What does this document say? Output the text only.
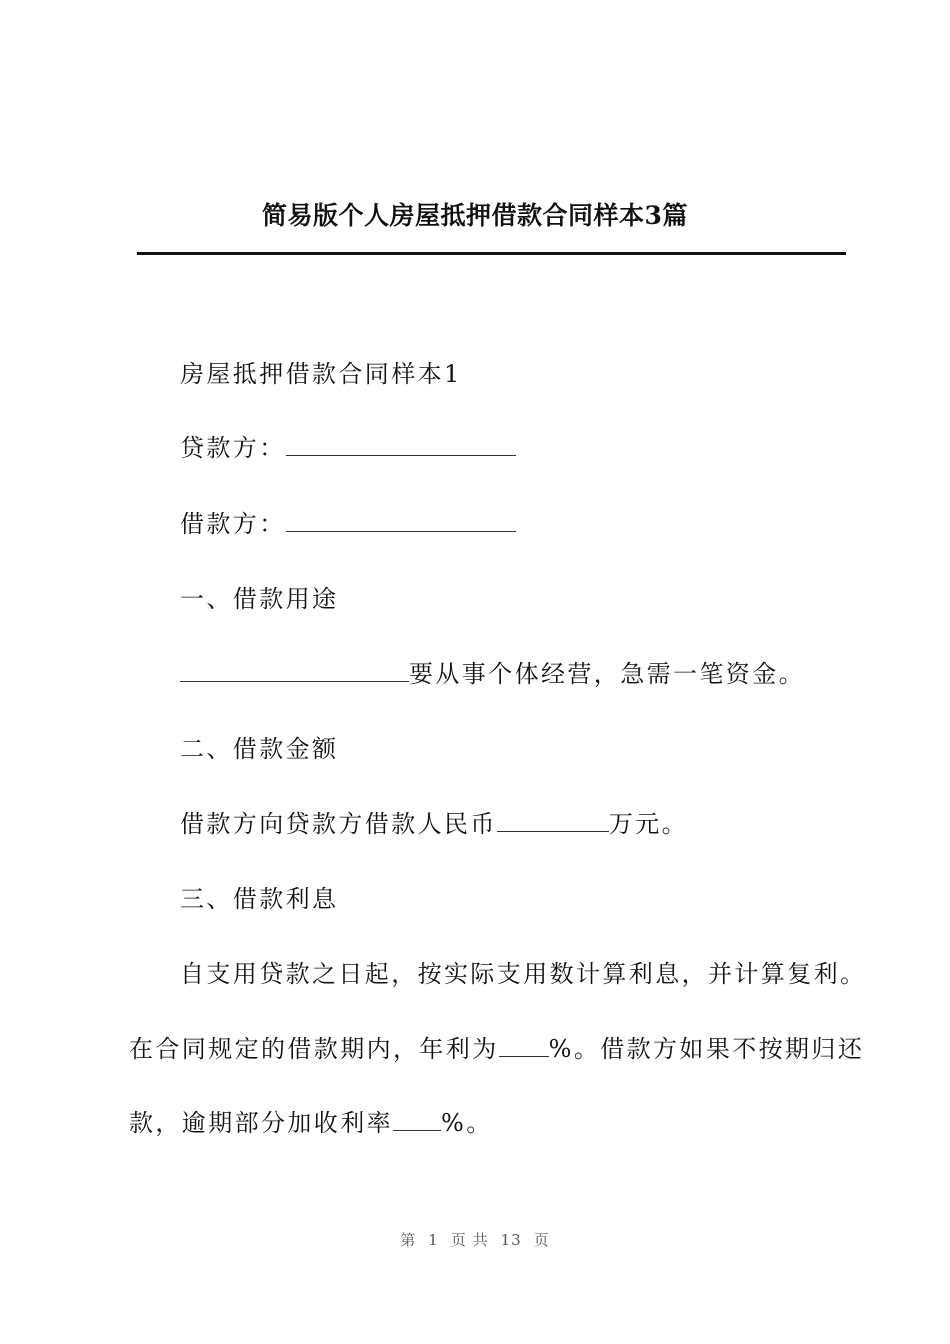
简易版个人房屋抵押借款合同样本3篇

房屋抵押借款合同样本1

贷款方：

借款方：

一、借款用途

要从事个体经营，急需一笔资金。

二、借款金额

借款方向贷款方借款人民币	万元。

三、借款利息

自支用贷款之日起，按实际支用数计算利息，并计算复利。

在合同规定的借款期内，年利为 %。借款方如果不按期归还

款，逾期部分加收利率 %。

第 1 页 共 13 页
